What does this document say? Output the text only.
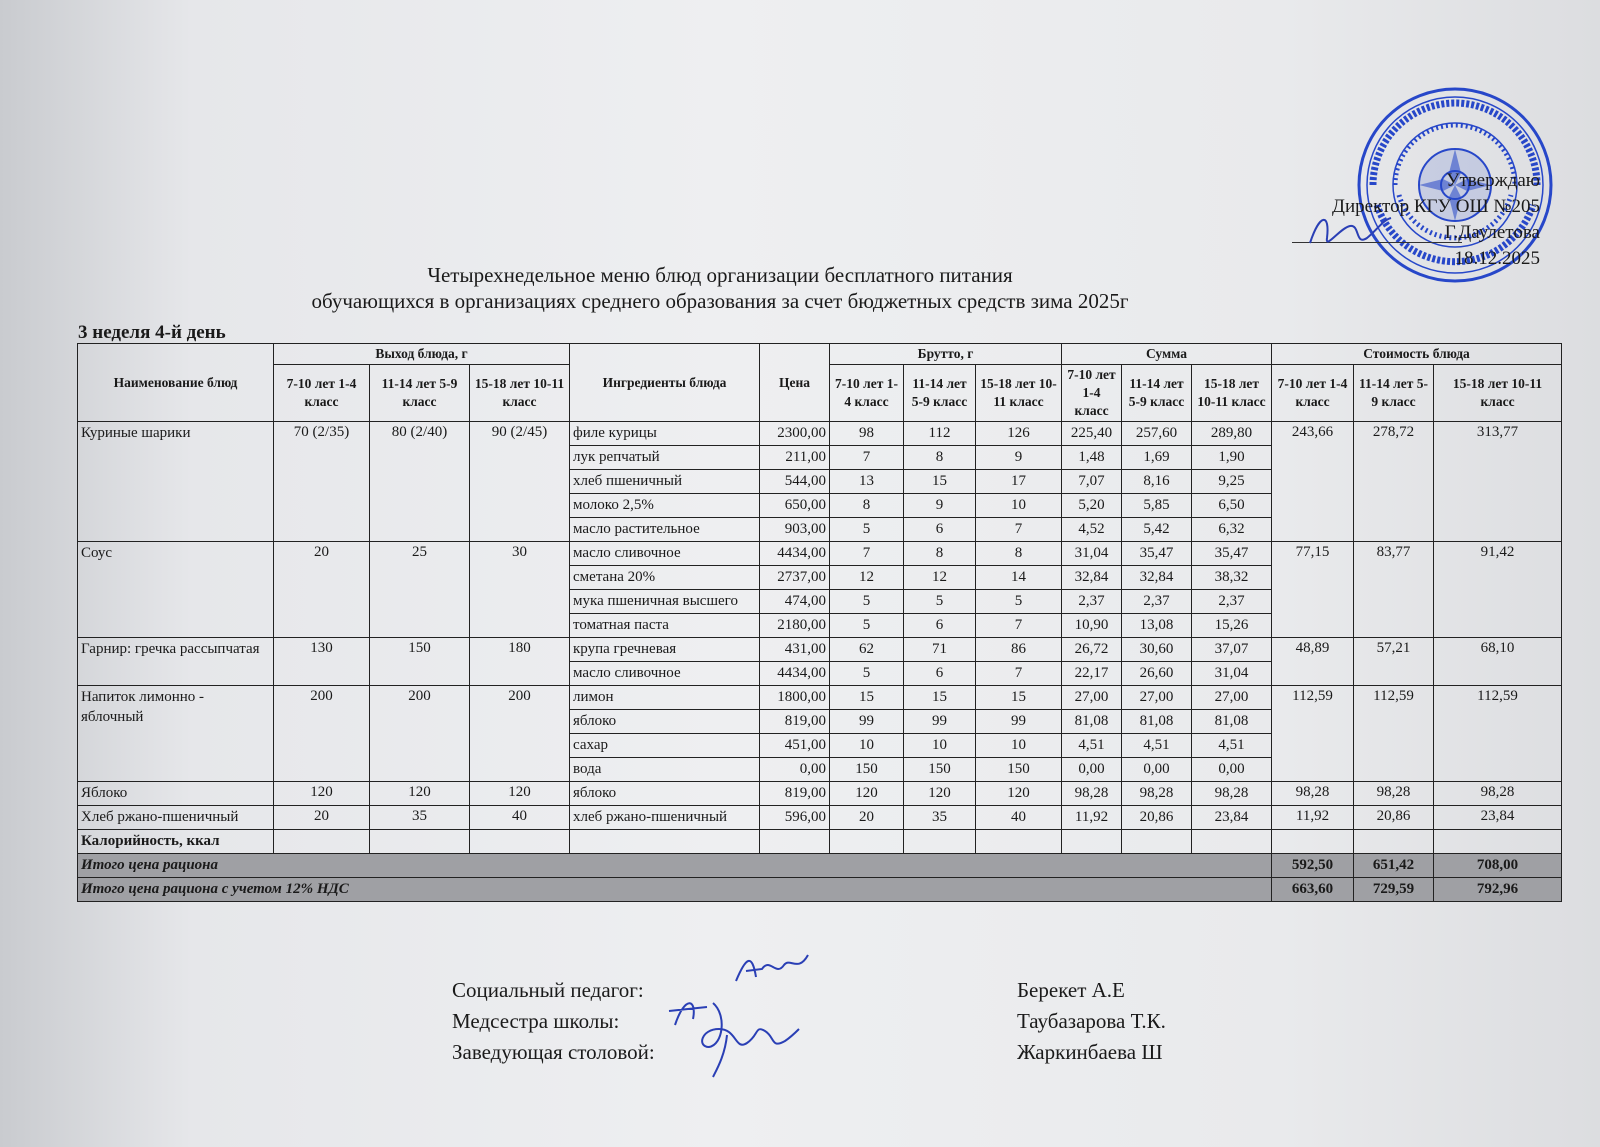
Утверждаю
Директор КГУ ОШ №205
Г.Даулетова
18.12.2025
Четырехнедельное меню блюд организации бесплатного питания
обучающихся в организациях среднего образования за счет бюджетных средств зима 2025г
3 неделя 4-й день
Наименование блюд	Выход блюда, г			Ингредиенты блюда	Цена	Брутто, г			Сумма			Стоимость блюда		
	7-10 лет 1-4 класс	11-14 лет 5-9 класс	15-18 лет 10-11 класс			7-10 лет 1-4 класс	11-14 лет 5-9 класс	15-18 лет 10-11 класс	7-10 лет 1-4 класс	11-14 лет 5-9 класс	15-18 лет 10-11 класс	7-10 лет 1-4 класс	11-14 лет 5-9 класс	15-18 лет 10-11 класс
Куриные шарики	70 (2/35)	80 (2/40)	90 (2/45)	филе курицы	2300,00	98	112	126	225,40	257,60	289,80	243,66	278,72	313,77
				лук репчатый	211,00	7	8	9	1,48	1,69	1,90			
				хлеб пшеничный	544,00	13	15	17	7,07	8,16	9,25			
				молоко 2,5%	650,00	8	9	10	5,20	5,85	6,50			
				масло растительное	903,00	5	6	7	4,52	5,42	6,32			
Соус	20	25	30	масло сливочное	4434,00	7	8	8	31,04	35,47	35,47	77,15	83,77	91,42
				сметана 20%	2737,00	12	12	14	32,84	32,84	38,32			
				мука пшеничная высшего	474,00	5	5	5	2,37	2,37	2,37			
				томатная паста	2180,00	5	6	7	10,90	13,08	15,26			
Гарнир: гречка рассыпчатая	130	150	180	крупа гречневая	431,00	62	71	86	26,72	30,60	37,07	48,89	57,21	68,10
				масло сливочное	4434,00	5	6	7	22,17	26,60	31,04			
Напиток лимонно - яблочный	200	200	200	лимон	1800,00	15	15	15	27,00	27,00	27,00	112,59	112,59	112,59
				яблоко	819,00	99	99	99	81,08	81,08	81,08			
				сахар	451,00	10	10	10	4,51	4,51	4,51			
				вода	0,00	150	150	150	0,00	0,00	0,00			
Яблоко	120	120	120	яблоко	819,00	120	120	120	98,28	98,28	98,28	98,28	98,28	98,28
Хлеб ржано-пшеничный	20	35	40	хлеб ржано-пшеничный	596,00	20	35	40	11,92	20,86	23,84	11,92	20,86	23,84
Калорийность, ккал														
Итого цена рациона												592,50	651,42	708,00
Итого цена рациона с учетом 12% НДС												663,60	729,59	792,96
Социальный педагог:	Берекет А.Е
Медсестра школы:	Таубазарова Т.К.
Заведующая столовой:	Жаркинбаева Ш
